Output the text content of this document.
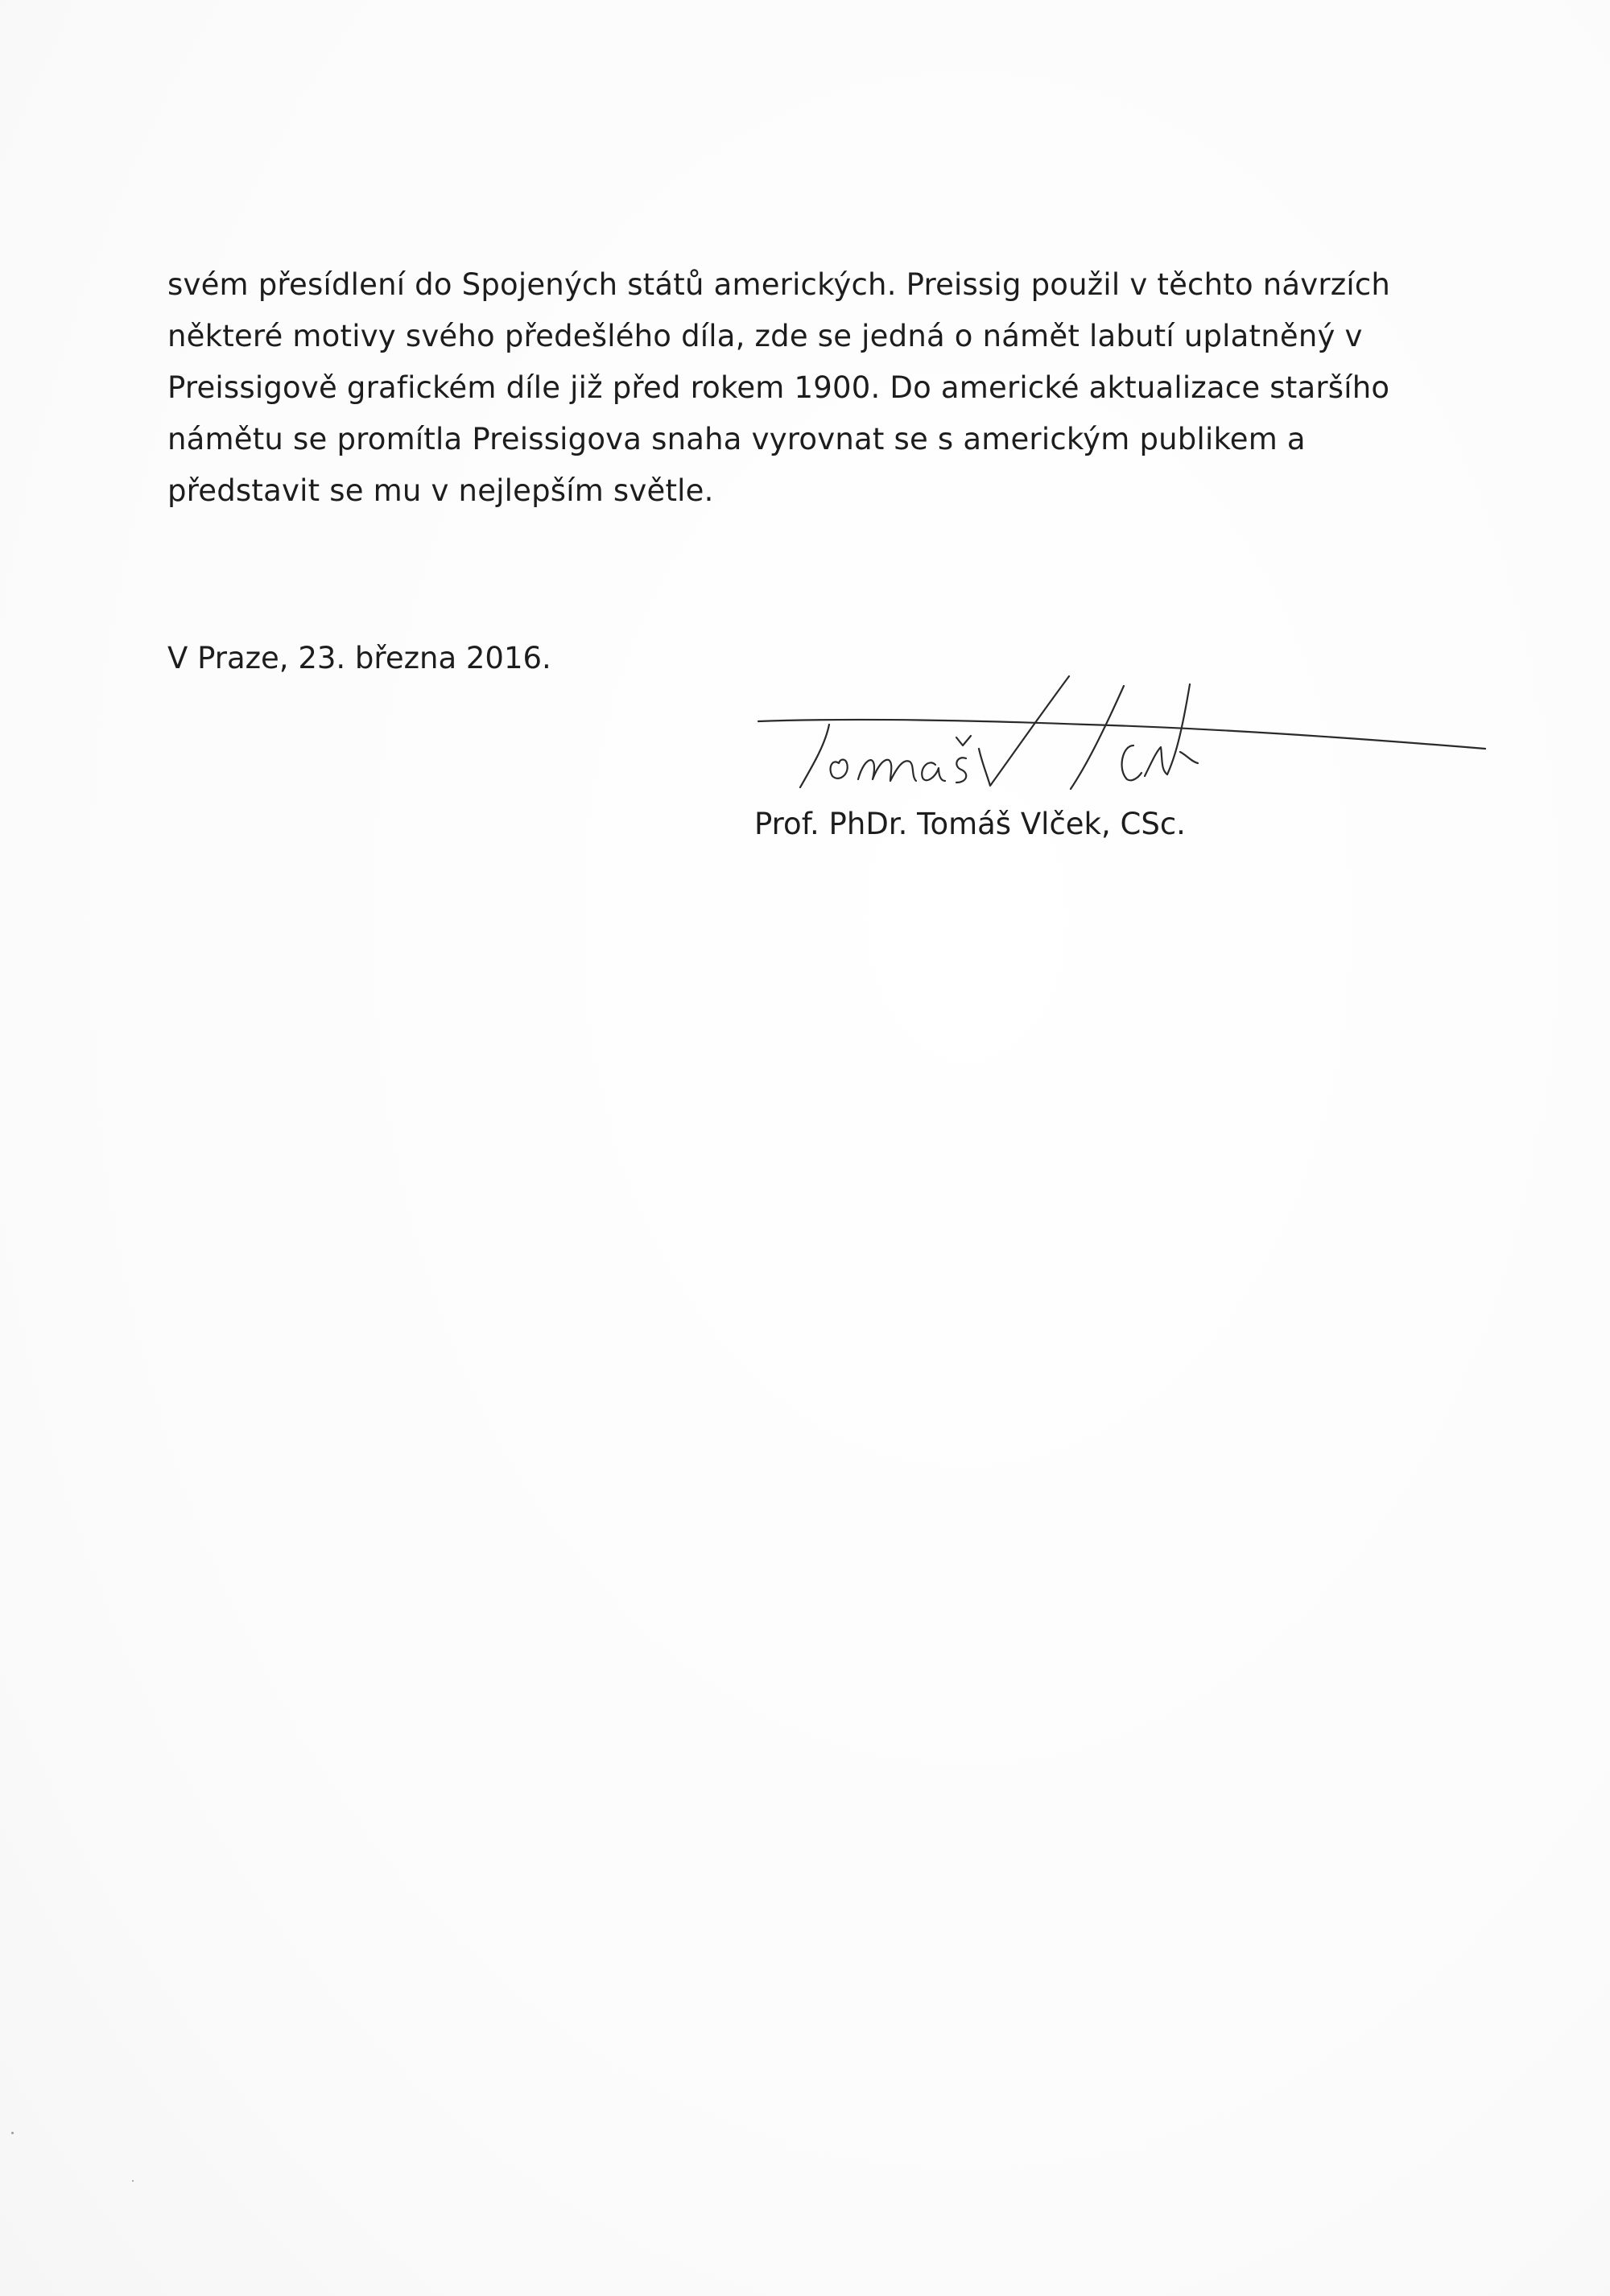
svém přesídlení do Spojených států amerických. Preissig použil v těchto návrzích
některé motivy svého předešlého díla, zde se jedná o námět labutí uplatněný v
Preissigově grafickém díle již před rokem 1900. Do americké aktualizace staršího
námětu se promítla Preissigova snaha vyrovnat se s americkým publikem a
představit se mu v nejlepším světle.

V Praze, 23. března 2016.

Prof. PhDr. Tomáš Vlček, CSc.
